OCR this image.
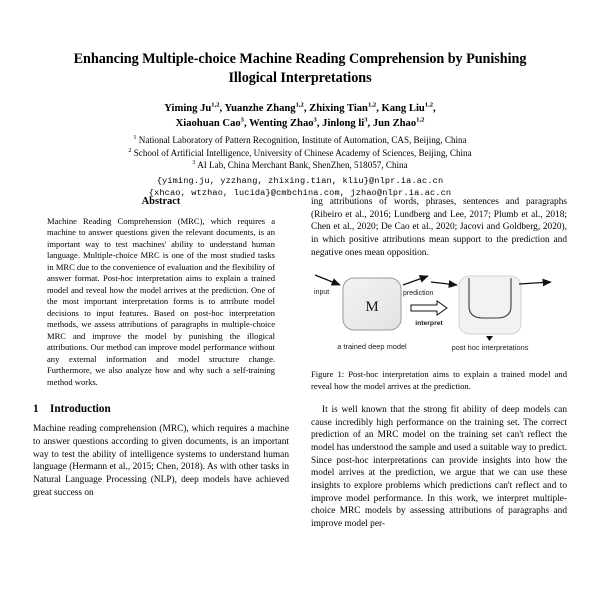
Enhancing Multiple-choice Machine Reading Comprehension by Punishing Illogical Interpretations
Yiming Ju$^{1,2}$, Yuanzhe Zhang$^{1,2}$, Zhixing Tian$^{1,2}$, Kang Liu$^{1,2}$,
Xiaohuan Cao$^3$, Wenting Zhao$^3$, Jinlong $li^3$, Jun Zhao$^{1,2}$
$^1$ National Laboratory of Pattern Recognition, Institute of Automation, CAS, Beijing, China
$^2$ School of Artificial Intelligence, University of Chinese Academy of Sciences, Beijing, China
$^3$ AI Lab, China Merchant Bank, ShenZhen, 518057, China
{yiming.ju, yzzhang, zhixing.tian, kliu}@nlpr.ia.ac.cn
{xhcao, wtzhao, lucida}@cmbchina.com, jzhao@nlpr.ia.ac.cn
Abstract

Machine Reading Comprehension (MRC), which requires a machine to answer questions given the relevant documents, is an important way to test machines' ability to understand human language. Multiple-choice MRC is one of the most studied tasks in MRC due to the convenience of evaluation and the flexibility of answer format. Post-hoc interpretation aims to explain a trained model and reveal how the model arrives at the prediction. One of the most important interpretation forms is to attribute model decisions to input features. Based on post-hoc interpretation methods, we assess attributions of paragraphs in multiple-choice MRC and improve the model by punishing the illogical attributions. Our method can improve model performance without any external information and model structure change. Furthermore, we also analyze how and why such a self-training method works.

1 Introduction

Machine reading comprehension (MRC), which requires a machine to answer questions according to given documents, is an important way to test the ability of intelligence systems to understand human language (Hermann et al., 2015; Chen, 2018). As with other tasks in Natural Language Processing (NLP), deep models have achieved great success on

ing attributions of words, phrases, sentences and paragraphs (Ribeiro et al., 2016; Lundberg and Lee, 2017; Plumb et al., 2018; Chen et al., 2020; De Cao et al., 2020; Jacovi and Goldberg, 2020), in which positive attributions mean support to the prediction and negative ones mean opposition.

M
input	prediction
a trained deep model
interpret
post hoc interpretations
Figure 1: Post-hoc interpretation aims to explain a trained model and reveal how the model arrives at the prediction.

It is well known that the strong fit ability of deep models can cause incredibly high performance on the training set. The correct prediction of an MRC model on the training set can't reflect the model has understood the sample and used a suitable way to predict. Since post-hoc interpretations can provide insights into how the model arrives at the prediction, we argue that we can use these insights to explore problems which predictions can't reflect and to improve model performance. In this work, we interpret multiple-choice MRC models by assessing attributions of paragraphs and improve model per-
